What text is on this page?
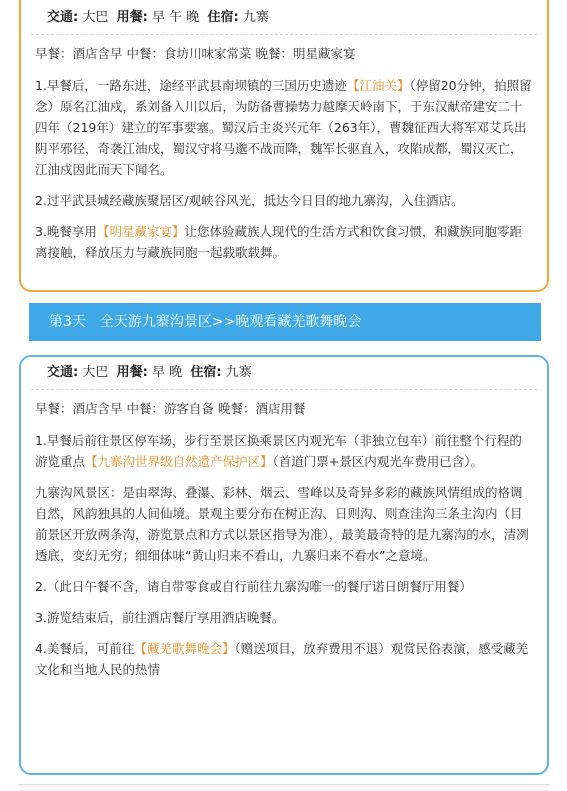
交通: 大巴 用餐: 早 午 晚 住宿: 九寨
早餐：酒店含早 中餐：食坊川味家常菜 晚餐：明星藏家宴

1.早餐后，一路东进，途经平武县南坝镇的三国历史遗迹【江油关】（停留20分钟，拍照留念）原名江油戍，系刘备入川以后，为防备曹操势力越摩天岭南下，于东汉献帝建安二十四年（219年）建立的军事要塞。蜀汉后主炎兴元年（263年），曹魏征西大将军邓艾兵出阴平邪径，奇袭江油戍，蜀汉守将马邈不战而降，魏军长驱直入，攻陷成都，蜀汉灭亡，江油戍因此而天下闻名。

2.过平武县城经藏族聚居区/观峡谷风光，抵达今日目的地九寨沟，入住酒店。

3.晚餐享用【明星藏家宴】让您体验藏族人现代的生活方式和饮食习惯，和藏族同胞零距离接触，释放压力与藏族同胞一起载歌载舞。

第3天　全天游九寨沟景区>>晚观看藏羌歌舞晚会
交通: 大巴 用餐: 早 晚 住宿: 九寨
早餐：酒店含早 中餐：游客自备 晚餐：酒店用餐

1.早餐后前往景区停车场，步行至景区换乘景区内观光车（非独立包车）前往整个行程的游览重点【九寨沟世界级自然遗产保护区】（首道门票+景区内观光车费用已含）。

九寨沟风景区：是由翠海、叠瀑、彩林、烟云、雪峰以及奇异多彩的藏族风情组成的格调自然，风韵独具的人间仙境。景观主要分布在树正沟、日则沟、则查洼沟三条主沟内（目前景区开放两条沟，游览景点和方式以景区指导为准），最美最奇特的是九寨沟的水，清冽透底，变幻无穷；细细体味“黄山归来不看山，九寨归来不看水”之意境。

2.（此日午餐不含，请自带零食或自行前往九寨沟唯一的餐厅诺日朗餐厅用餐）

3.游览结束后，前往酒店餐厅享用酒店晚餐。

4.美餐后，可前往【藏羌歌舞晚会】（赠送项目，放弃费用不退）观赏民俗表演，感受藏羌文化和当地人民的热情
